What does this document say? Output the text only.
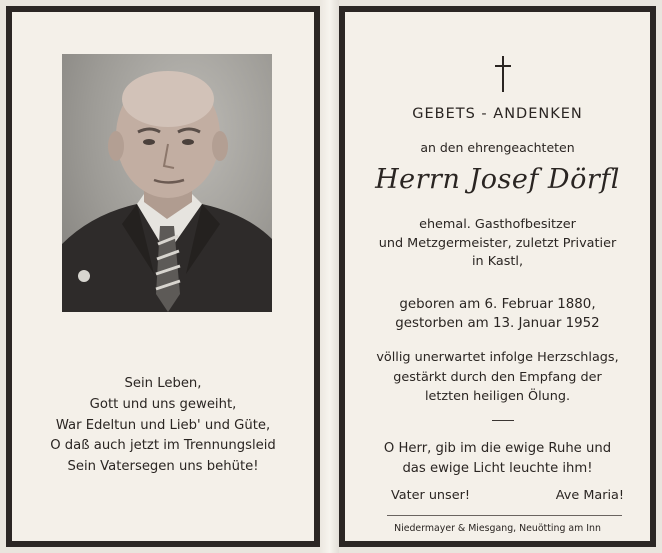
Sein Leben,
Gott und uns geweiht,
War Edeltun und Lieb' und Güte,
O daß auch jetzt im Trennungsleid
Sein Vatersegen uns behüte!
GEBETS - ANDENKEN
an den ehrengeachteten
Herrn Josef Dörfl
ehemal. Gasthofbesitzer
und Metzgermeister, zuletzt Privatier
in Kastl,
geboren am 6. Februar 1880,
gestorben am 13. Januar 1952
völlig unerwartet infolge Herzschlags,
gestärkt durch den Empfang der
letzten heiligen Ölung.
O Herr, gib im die ewige Ruhe und
das ewige Licht leuchte ihm!
Vater unser!	Ave Maria!
Niedermayer & Miesgang, Neuötting am Inn
